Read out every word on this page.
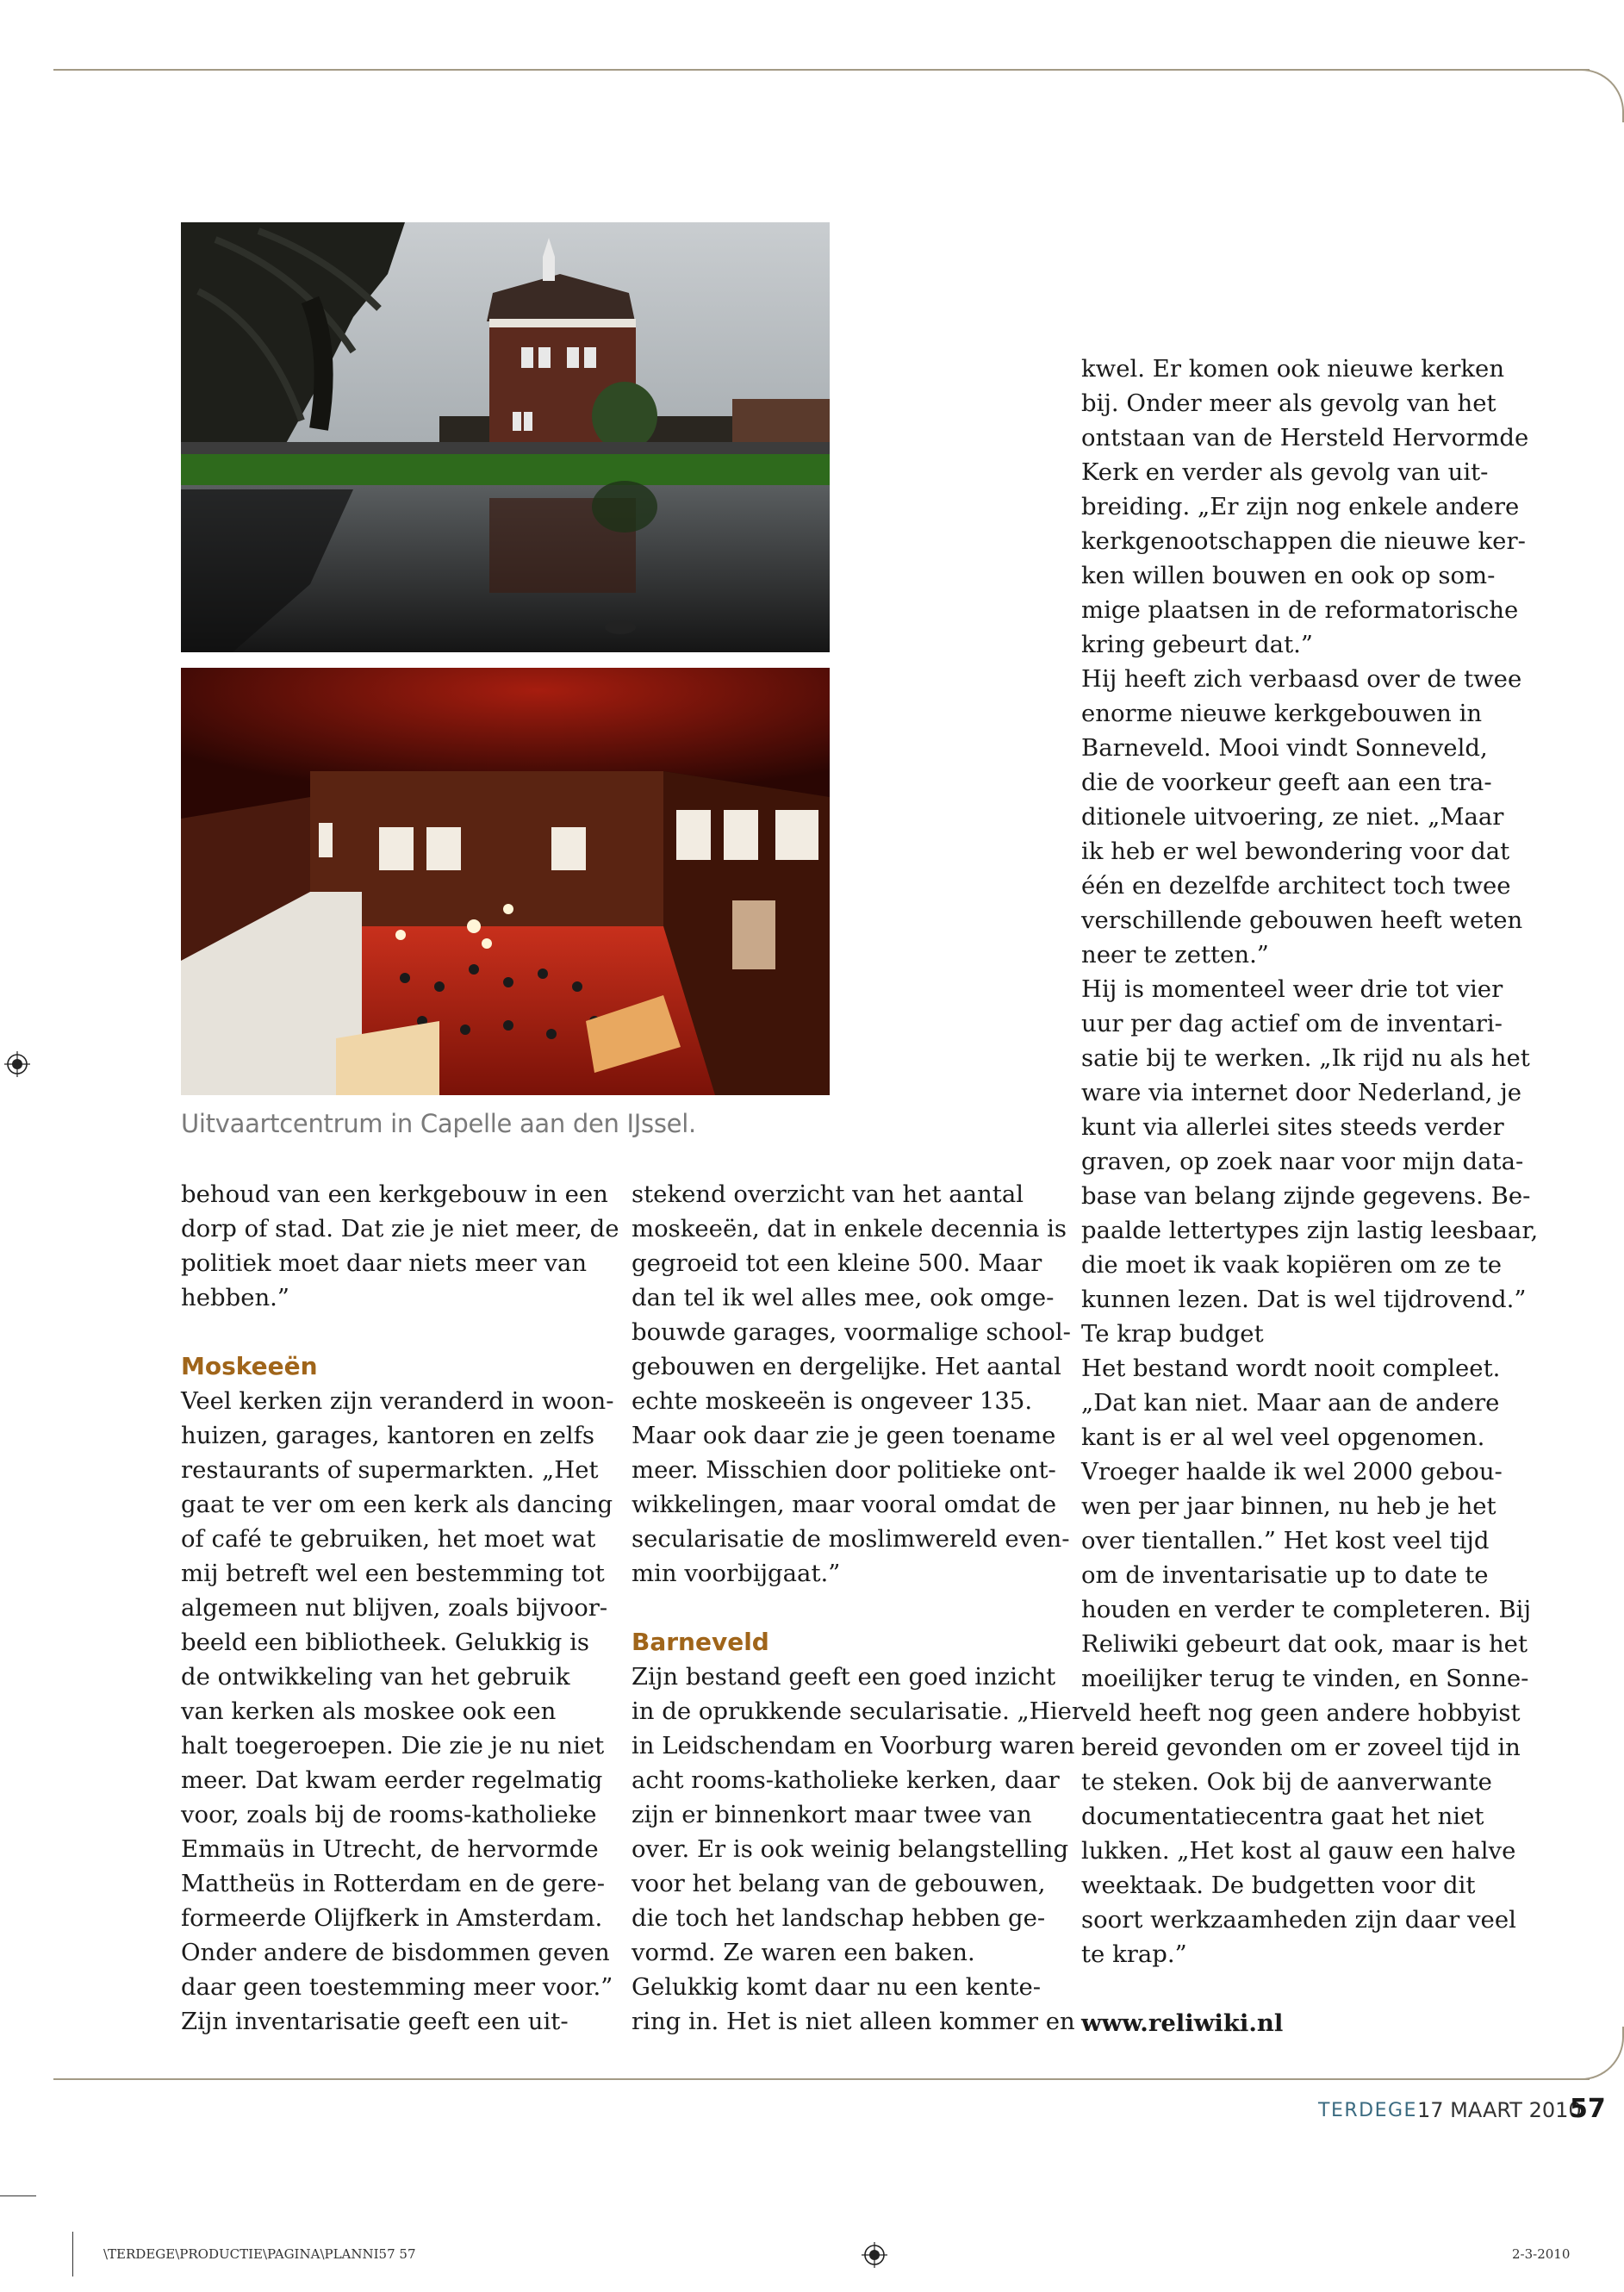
Uitvaartcentrum in Capelle aan den IJssel.
behoud van een kerkgebouw in een
dorp of stad. Dat zie je niet meer, de
politiek moet daar niets meer van
hebben.”
Moskeeën
Veel kerken zijn veranderd in woon-
huizen, garages, kantoren en zelfs
restaurants of supermarkten. „Het
gaat te ver om een kerk als dancing
of café te gebruiken, het moet wat
mij betreft wel een bestemming tot
algemeen nut blijven, zoals bijvoor-
beeld een bibliotheek. Gelukkig is
de ontwikkeling van het gebruik
van kerken als moskee ook een
halt toegeroepen. Die zie je nu niet
meer. Dat kwam eerder regelmatig
voor, zoals bij de rooms-katholieke
Emmaüs in Utrecht, de hervormde
Mattheüs in Rotterdam en de gere-
formeerde Olijfkerk in Amsterdam.
Onder andere de bisdommen geven
daar geen toestemming meer voor.”
Zijn inventarisatie geeft een uit-
stekend overzicht van het aantal
moskeeën, dat in enkele decennia is
gegroeid tot een kleine 500. Maar
dan tel ik wel alles mee, ook omge-
bouwde garages, voormalige school-
gebouwen en dergelijke. Het aantal
echte moskeeën is ongeveer 135.
Maar ook daar zie je geen toename
meer. Misschien door politieke ont-
wikkelingen, maar vooral omdat de
secularisatie de moslimwereld even-
min voorbijgaat.”
Barneveld
Zijn bestand geeft een goed inzicht
in de oprukkende secularisatie. „Hier
in Leidschendam en Voorburg waren
acht rooms-katholieke kerken, daar
zijn er binnenkort maar twee van
over. Er is ook weinig belangstelling
voor het belang van de gebouwen,
die toch het landschap hebben ge-
vormd. Ze waren een baken.
Gelukkig komt daar nu een kente-
ring in. Het is niet alleen kommer en
kwel. Er komen ook nieuwe kerken
bij. Onder meer als gevolg van het
ontstaan van de Hersteld Hervormde
Kerk en verder als gevolg van uit-
breiding. „Er zijn nog enkele andere
kerkgenootschappen die nieuwe ker-
ken willen bouwen en ook op som-
mige plaatsen in de reformatorische
kring gebeurt dat.”
Hij heeft zich verbaasd over de twee
enorme nieuwe kerkgebouwen in
Barneveld. Mooi vindt Sonneveld,
die de voorkeur geeft aan een tra-
ditionele uitvoering, ze niet. „Maar
ik heb er wel bewondering voor dat
één en dezelfde architect toch twee
verschillende gebouwen heeft weten
neer te zetten.”
Hij is momenteel weer drie tot vier
uur per dag actief om de inventari-
satie bij te werken. „Ik rijd nu als het
ware via internet door Nederland, je
kunt via allerlei sites steeds verder
graven, op zoek naar voor mijn data-
base van belang zijnde gegevens. Be-
paalde lettertypes zijn lastig leesbaar,
die moet ik vaak kopiëren om ze te
kunnen lezen. Dat is wel tijdrovend.”
Te krap budget
Het bestand wordt nooit compleet.
„Dat kan niet. Maar aan de andere
kant is er al wel veel opgenomen.
Vroeger haalde ik wel 2000 gebou-
wen per jaar binnen, nu heb je het
over tientallen.” Het kost veel tijd
om de inventarisatie up to date te
houden en verder te completeren. Bij
Reliwiki gebeurt dat ook, maar is het
moeilijker terug te vinden, en Sonne-
veld heeft nog geen andere hobbyist
bereid gevonden om er zoveel tijd in
te steken. Ook bij de aanverwante
documentatiecentra gaat het niet
lukken. „Het kost al gauw een halve
weektaak. De budgetten voor dit
soort werkzaamheden zijn daar veel
te krap.”
www.reliwiki.nl
TERDEGE 17 MAART 2010
57
\TERDEGE\PRODUCTIE\PAGINA\PLANNI57 57	2-3-2010
